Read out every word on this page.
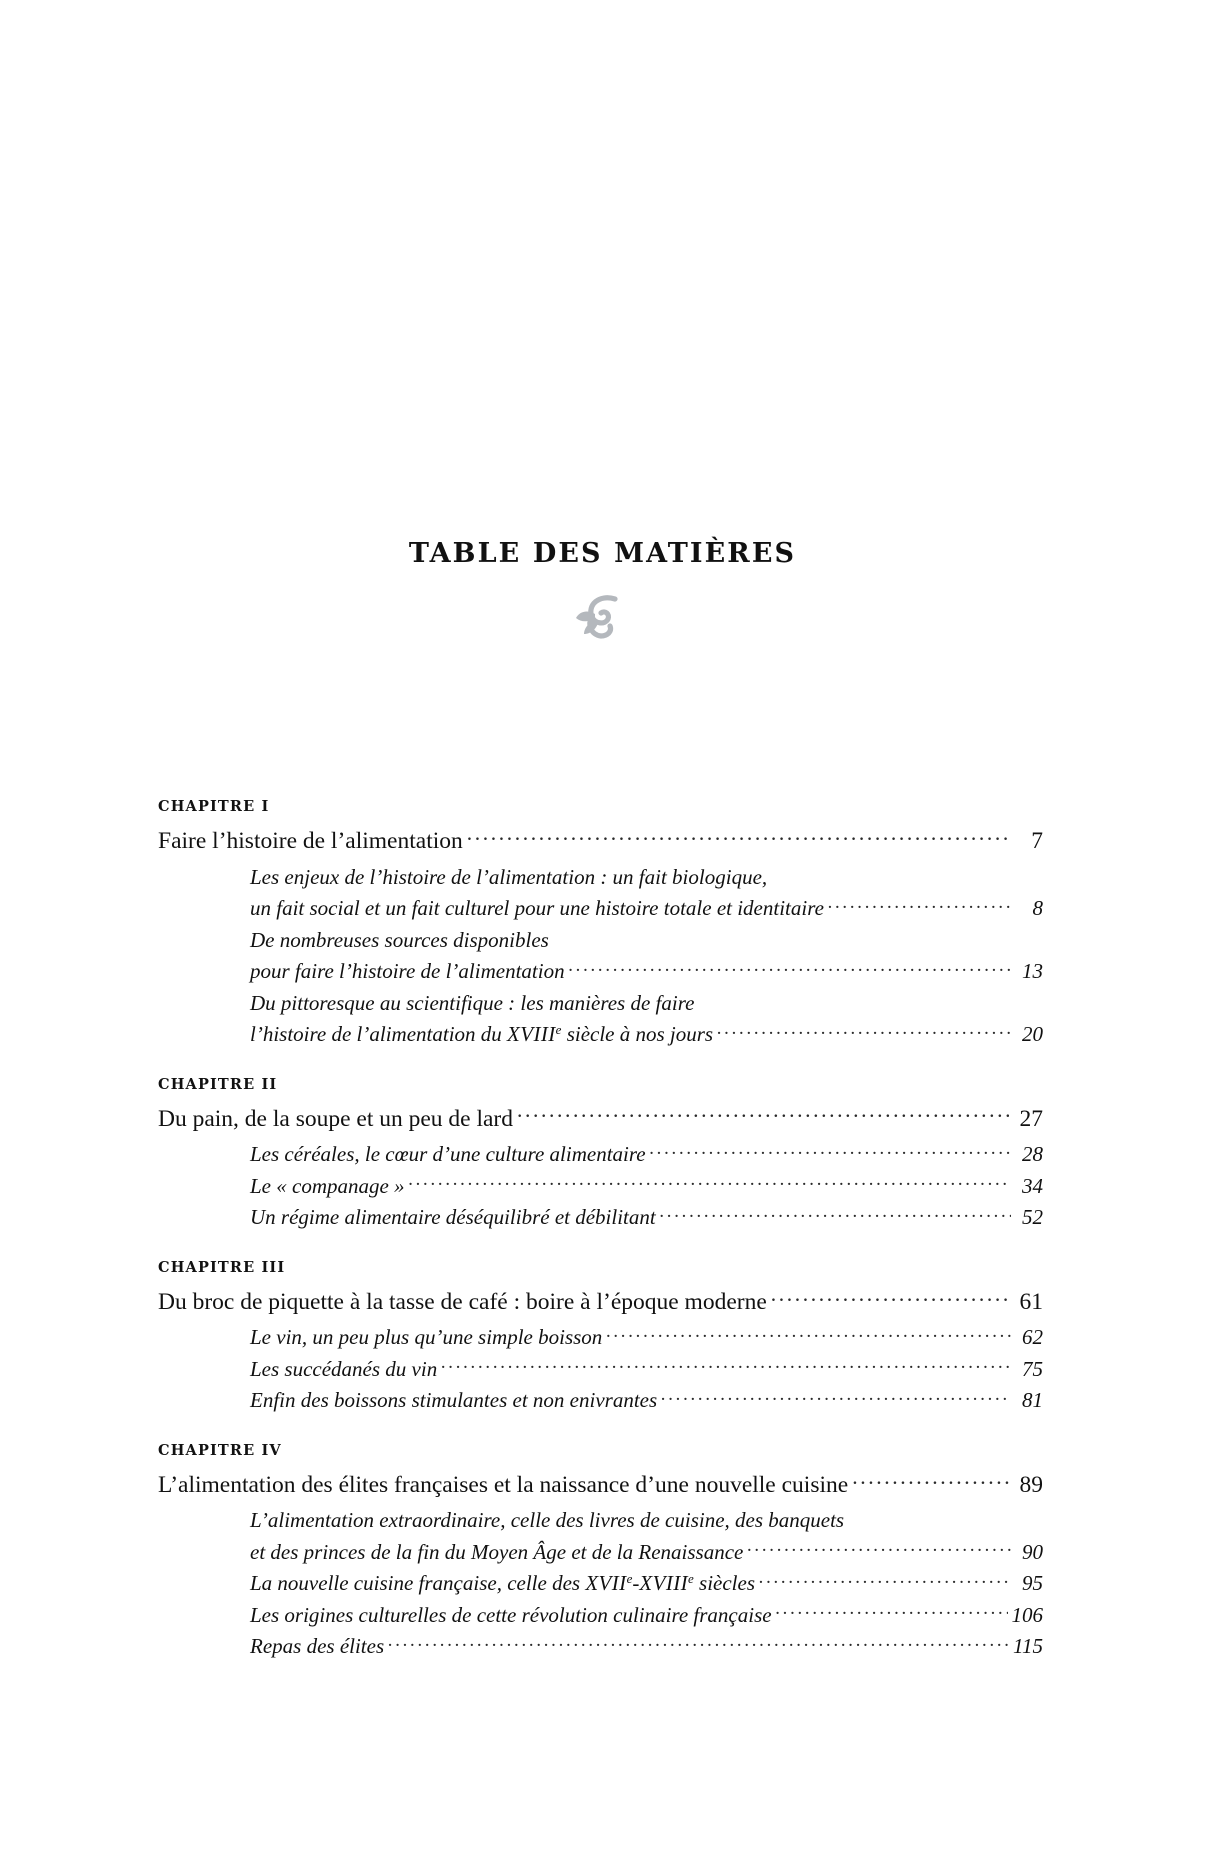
TABLE DES MATIÈRES
CHAPITRE I
Faire l’histoire de l’alimentation .....	7
Les enjeux de l’histoire de l’alimentation : un fait biologique,
un fait social et un fait culturel pour une histoire totale et identitaire .....	8
De nombreuses sources disponibles
pour faire l’histoire de l’alimentation .....	13
Du pittoresque au scientifique : les manières de faire
l’histoire de l’alimentation du XVIIIe siècle à nos jours .....	20
CHAPITRE II
Du pain, de la soupe et un peu de lard .....	27
Les céréales, le cœur d’une culture alimentaire .....	28
Le « companage » .....	34
Un régime alimentaire déséquilibré et débilitant .....	52
CHAPITRE III
Du broc de piquette à la tasse de café : boire à l’époque moderne .....	61
Le vin, un peu plus qu’une simple boisson .....	62
Les succédanés du vin .....	75
Enfin des boissons stimulantes et non enivrantes .....	81
CHAPITRE IV
L’alimentation des élites françaises et la naissance d’une nouvelle cuisine .....	89
L’alimentation extraordinaire, celle des livres de cuisine, des banquets
et des princes de la fin du Moyen Âge et de la Renaissance .....	90
La nouvelle cuisine française, celle des XVIIe-XVIIIe siècles .....	95
Les origines culturelles de cette révolution culinaire française .....	106
Repas des élites .....	115
